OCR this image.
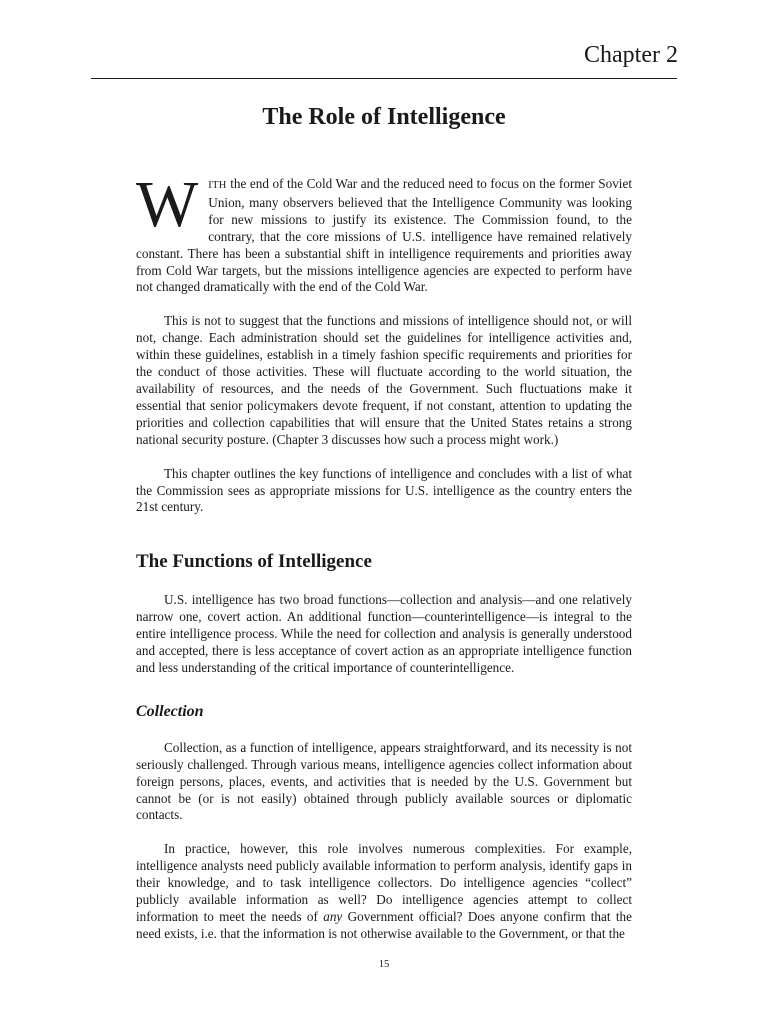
Chapter 2
The Role of Intelligence

WITH the end of the Cold War and the reduced need to focus on the former Soviet Union, many observers believed that the Intelligence Community was looking for new missions to justify its existence. The Commission found, to the contrary, that the core missions of U.S. intelligence have remained relatively constant. There has been a substantial shift in intelligence requirements and priorities away from Cold War targets, but the missions intelligence agencies are expected to perform have not changed dramatically with the end of the Cold War.

This is not to suggest that the functions and missions of intelligence should not, or will not, change. Each administration should set the guidelines for intelligence activities and, within these guidelines, establish in a timely fashion specific requirements and priorities for the conduct of those activities. These will fluctuate according to the world situation, the availability of resources, and the needs of the Government. Such fluctuations make it essential that senior policymakers devote frequent, if not constant, attention to updating the priorities and collection capabilities that will ensure that the United States retains a strong national security posture. (Chapter 3 discusses how such a process might work.)

This chapter outlines the key functions of intelligence and concludes with a list of what the Commission sees as appropriate missions for U.S. intelligence as the country enters the 21st century.

The Functions of Intelligence

U.S. intelligence has two broad functions—collection and analysis—and one relatively narrow one, covert action. An additional function—counterintelligence—is integral to the entire intelligence process. While the need for collection and analysis is generally understood and accepted, there is less acceptance of covert action as an appropriate intelligence function and less understanding of the critical importance of counterintelligence.

Collection

Collection, as a function of intelligence, appears straightforward, and its necessity is not seriously challenged. Through various means, intelligence agencies collect information about foreign persons, places, events, and activities that is needed by the U.S. Government but cannot be (or is not easily) obtained through publicly available sources or diplomatic contacts.

In practice, however, this role involves numerous complexities. For example, intelligence analysts need publicly available information to perform analysis, identify gaps in their knowledge, and to task intelligence collectors. Do intelligence agencies “collect” publicly available information as well? Do intelligence agencies attempt to collect information to meet the needs of any Government official? Does anyone confirm that the need exists, i.e. that the information is not otherwise available to the Government, or that the

15
